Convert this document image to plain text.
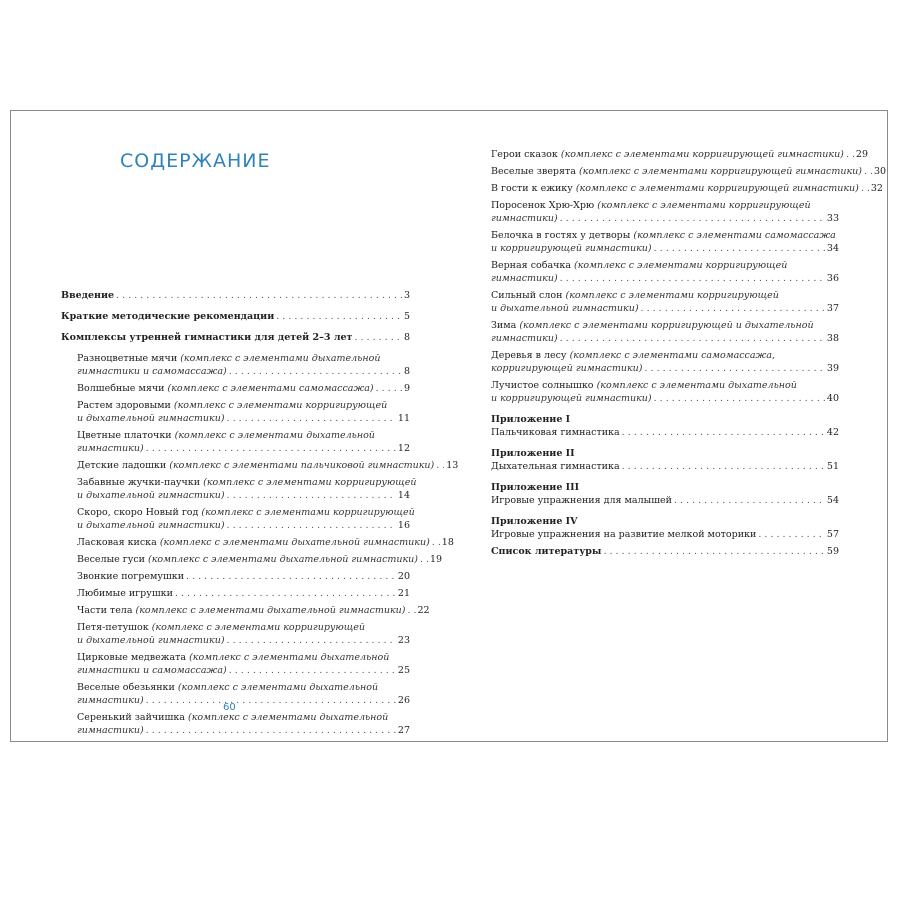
СОДЕРЖАНИЕ
Введение . . .	3
Краткие методические рекомендации . . .	5
Комплексы утренней гимнастики для детей 2–3 лет . . .	8
Разноцветные мячи (комплекс с элементами дыхательной
гимнастики и самомассажа) . . .	8
Волшебные мячи (комплекс с элементами самомассажа) . . .	9
Растем здоровыми (комплекс с элементами корригирующей
и дыхательной гимнастики) . . .	11
Цветные платочки (комплекс с элементами дыхательной
гимнастики) . . .	12
Детские ладошки (комплекс с элементами пальчиковой гимнастики) . . . 13
Забавные жучки-паучки (комплекс с элементами корригирующей
и дыхательной гимнастики) . . .	14
Скоро, скоро Новый год (комплекс с элементами корригирующей
и дыхательной гимнастики) . . .	16
Ласковая киска (комплекс с элементами дыхательной гимнастики) . . . 18
Веселые гуси (комплекс с элементами дыхательной гимнастики) . . . 19
Звонкие погремушки . . .	20
Любимые игрушки . . .	21
Части тела (комплекс с элементами дыхательной гимнастики) . . . 22
Петя-петушок (комплекс с элементами корригирующей
и дыхательной гимнастики) . . .	23
Цирковые медвежата (комплекс с элементами дыхательной
гимнастики и самомассажа) . . .	25
Веселые обезьянки (комплекс с элементами дыхательной
гимнастики) . . .	26
Серенький зайчишка (комплекс с элементами дыхательной
гимнастики) . . .	27
Герои сказок (комплекс с элементами корригирующей гимнастики) . . . 29
Веселые зверята (комплекс с элементами корригирующей гимнастики) . . . 30
В гости к ежику (комплекс с элементами корригирующей гимнастики) . . . 32
Поросенок Хрю-Хрю (комплекс с элементами корригирующей
гимнастики) . . .	33
Белочка в гостях у детворы (комплекс с элементами самомассажа
и корригирующей гимнастики) . . .	34
Верная собачка (комплекс с элементами корригирующей
гимнастики) . . .	36
Сильный слон (комплекс с элементами корригирующей
и дыхательной гимнастики) . . .	37
Зима (комплекс с элементами корригирующей и дыхательной
гимнастики) . . .	38
Деревья в лесу (комплекс с элементами самомассажа,
корригирующей гимнастики) . . .	39
Лучистое солнышко (комплекс с элементами дыхательной
и корригирующей гимнастики) . . .	40
Приложение I
Пальчиковая гимнастика . . .	42
Приложение II
Дыхательная гимнастика . . .	51
Приложение III
Игровые упражнения для малышей . . .	54
Приложение IV
Игровые упражнения на развитие мелкой моторики . . .	57
Список литературы . . .	59
60
